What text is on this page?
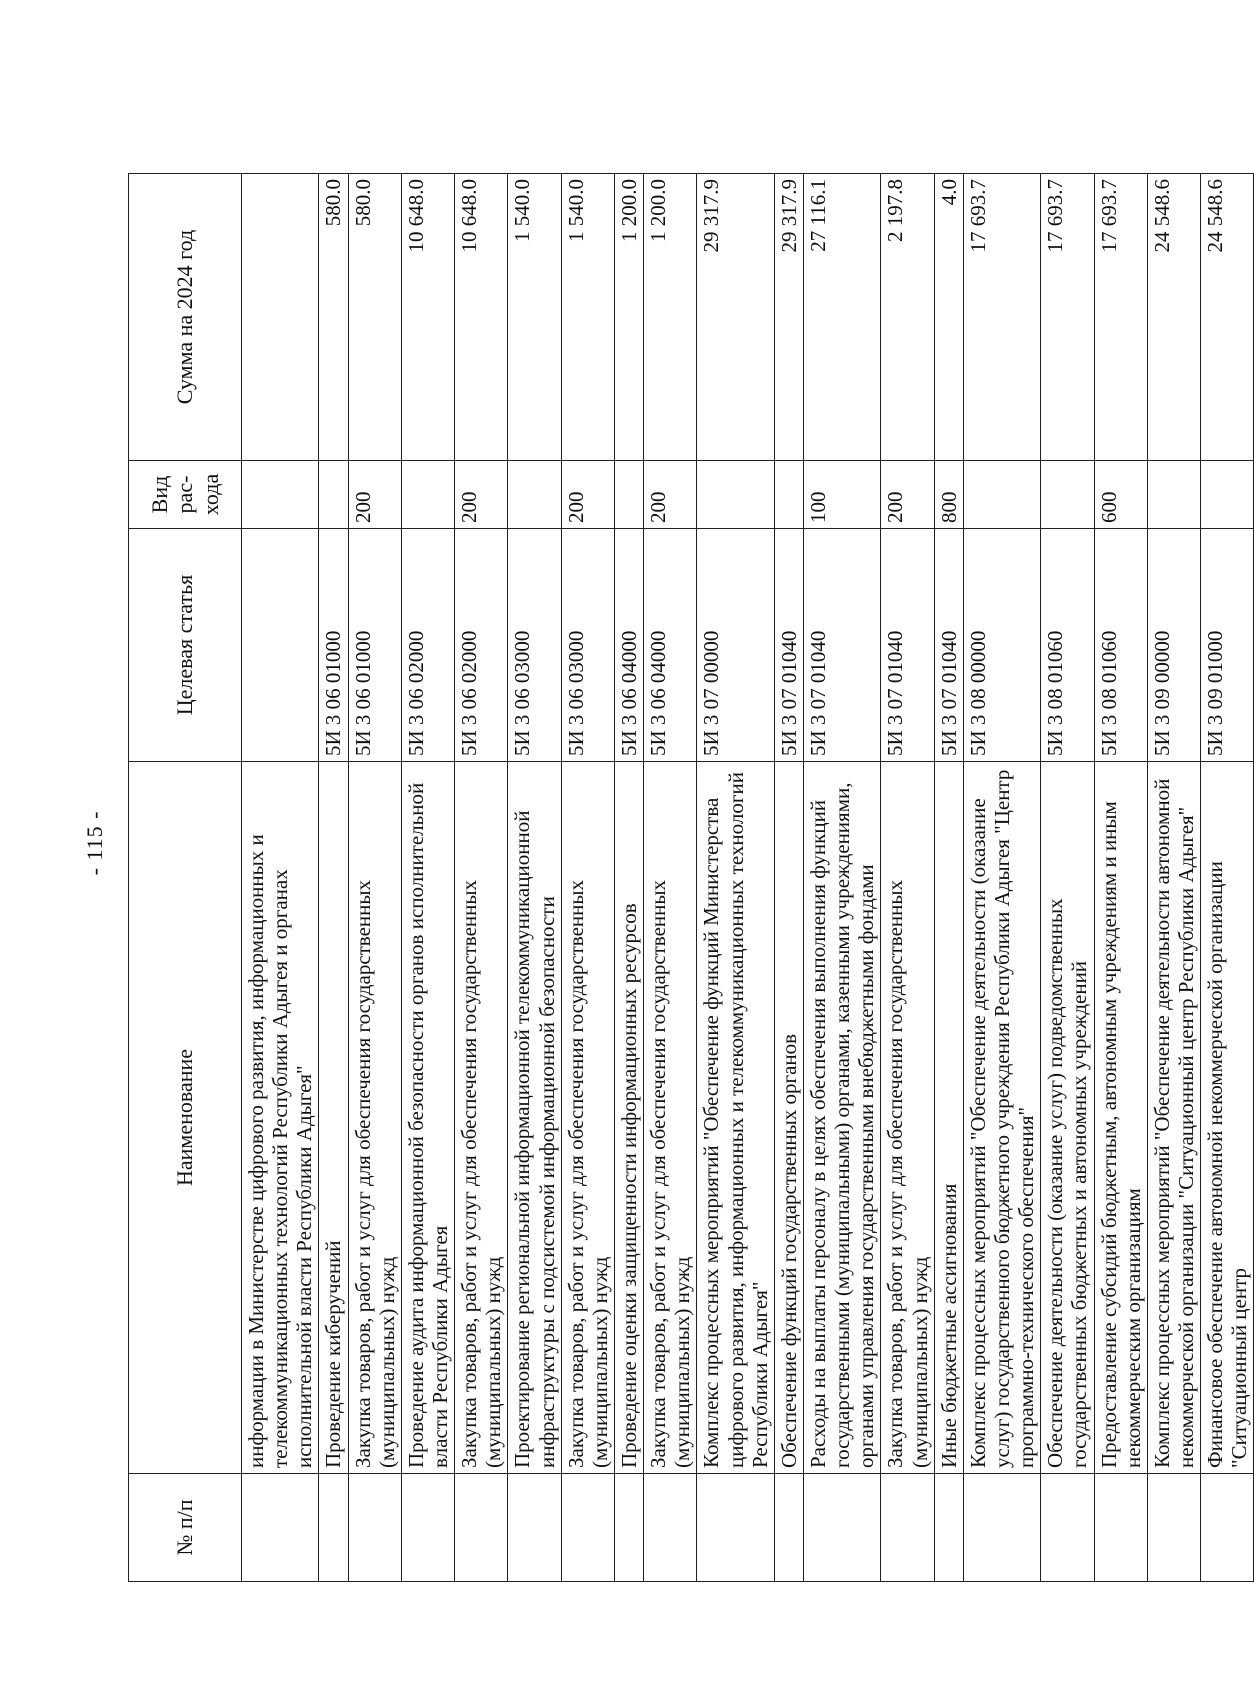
- 115 -
№ п/п	Наименование	Целевая статья	Вид рас-хода	Сумма на 2024 год
	информации в Министерстве цифрового развития, информационных и телекоммуникационных технологий Республики Адыгея и органах исполнительной власти Республики Адыгея"			
	Проведение киберучений	5И 3 06 01000		580.0
	Закупка товаров, работ и услуг для обеспечения государственных (муниципальных) нужд	5И 3 06 01000	200	580.0
	Проведение аудита информационной безопасности органов исполнительной власти Республики Адыгея	5И 3 06 02000		10 648.0
	Закупка товаров, работ и услуг для обеспечения государственных (муниципальных) нужд	5И 3 06 02000	200	10 648.0
	Проектирование региональной информационной телекоммуникационной инфраструктуры с подсистемой информационной безопасности	5И 3 06 03000		1 540.0
	Закупка товаров, работ и услуг для обеспечения государственных (муниципальных) нужд	5И 3 06 03000	200	1 540.0
	Проведение оценки защищенности информационных ресурсов	5И 3 06 04000		1 200.0
	Закупка товаров, работ и услуг для обеспечения государственных (муниципальных) нужд	5И 3 06 04000	200	1 200.0
	Комплекс процессных мероприятий "Обеспечение функций Министерства цифрового развития, информационных и телекоммуникационных технологий Республики Адыгея"	5И 3 07 00000		29 317.9
	Обеспечение функций государственных органов	5И 3 07 01040		29 317.9
	Расходы на выплаты персоналу в целях обеспечения выполнения функций государственными (муниципальными) органами, казенными учреждениями, органами управления государственными внебюджетными фондами	5И 3 07 01040	100	27 116.1
	Закупка товаров, работ и услуг для обеспечения государственных (муниципальных) нужд	5И 3 07 01040	200	2 197.8
	Иные бюджетные ассигнования	5И 3 07 01040	800	4.0
	Комплекс процессных мероприятий "Обеспечение деятельности (оказание услуг) государственного бюджетного учреждения Республики Адыгея "Центр программно-технического обеспечения"	5И 3 08 00000		17 693.7
	Обеспечение деятельности (оказание услуг) подведомственных государственных бюджетных и автономных учреждений	5И 3 08 01060		17 693.7
	Предоставление субсидий бюджетным, автономным учреждениям и иным некоммерческим организациям	5И 3 08 01060	600	17 693.7
	Комплекс процессных мероприятий "Обеспечение деятельности автономной некоммерческой организации "Ситуационный центр Республики Адыгея"	5И 3 09 00000		24 548.6
	Финансовое обеспечение автономной некоммерческой организации "Ситуационный центр	5И 3 09 01000		24 548.6
